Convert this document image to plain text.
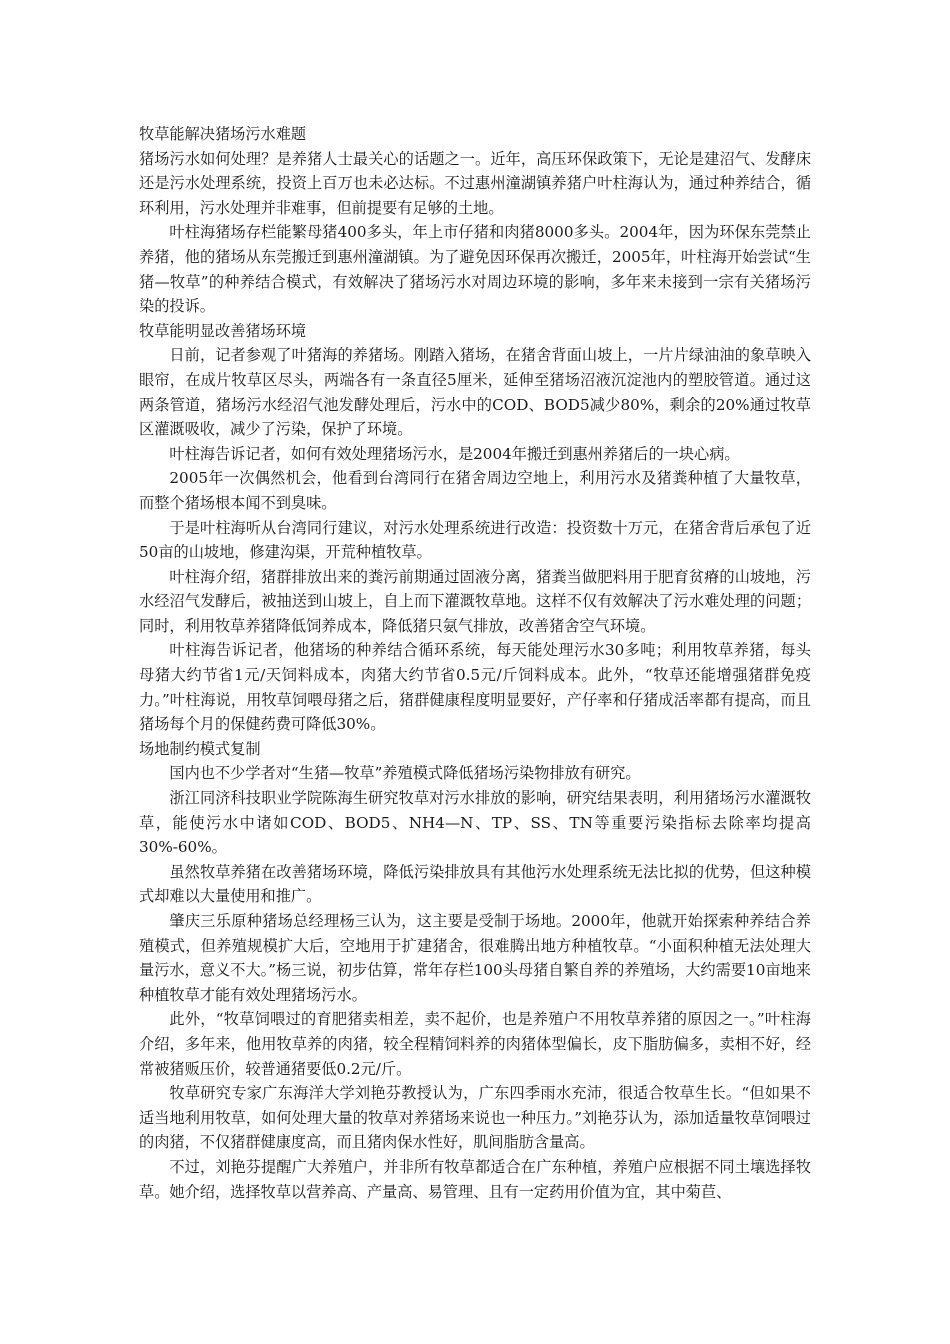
牧草能解决猪场污水难题

猪场污水如何处理？是养猪人士最关心的话题之一。近年，高压环保政策下，无论是建沼气、发酵床还是污水处理系统，投资上百万也未必达标。不过惠州潼湖镇养猪户叶柱海认为，通过种养结合，循环利用，污水处理并非难事，但前提要有足够的土地。

叶柱海猪场存栏能繁母猪400多头，年上市仔猪和肉猪8000多头。2004年，因为环保东莞禁止养猪，他的猪场从东莞搬迁到惠州潼湖镇。为了避免因环保再次搬迁，2005年，叶柱海开始尝试“生猪—牧草”的种养结合模式，有效解决了猪场污水对周边环境的影响，多年来未接到一宗有关猪场污染的投诉。

牧草能明显改善猪场环境

日前，记者参观了叶猪海的养猪场。刚踏入猪场，在猪舍背面山坡上，一片片绿油油的象草映入眼帘，在成片牧草区尽头，两端各有一条直径5厘米，延伸至猪场沼液沉淀池内的塑胶管道。通过这两条管道，猪场污水经沼气池发酵处理后，污水中的COD、BOD5减少80%，剩余的20%通过牧草区灌溉吸收，减少了污染，保护了环境。

叶柱海告诉记者，如何有效处理猪场污水，是2004年搬迁到惠州养猪后的一块心病。

2005年一次偶然机会，他看到台湾同行在猪舍周边空地上，利用污水及猪粪种植了大量牧草，而整个猪场根本闻不到臭味。

于是叶柱海听从台湾同行建议，对污水处理系统进行改造：投资数十万元，在猪舍背后承包了近50亩的山坡地，修建沟渠，开荒种植牧草。

叶柱海介绍，猪群排放出来的粪污前期通过固液分离，猪粪当做肥料用于肥育贫瘠的山坡地，污水经沼气发酵后，被抽送到山坡上，自上而下灌溉牧草地。这样不仅有效解决了污水难处理的问题；同时，利用牧草养猪降低饲养成本，降低猪只氨气排放，改善猪舍空气环境。

叶柱海告诉记者，他猪场的种养结合循环系统，每天能处理污水30多吨；利用牧草养猪，每头母猪大约节省1元/天饲料成本，肉猪大约节省0.5元/斤饲料成本。此外，“牧草还能增强猪群免疫力。”叶柱海说，用牧草饲喂母猪之后，猪群健康程度明显要好，产仔率和仔猪成活率都有提高，而且猪场每个月的保健药费可降低30%。

场地制约模式复制

国内也不少学者对“生猪—牧草”养殖模式降低猪场污染物排放有研究。

浙江同济科技职业学院陈海生研究牧草对污水排放的影响，研究结果表明，利用猪场污水灌溉牧草，能使污水中诸如COD、BOD5、NH4—N、TP、SS、TN等重要污染指标去除率均提高30%-60%。

虽然牧草养猪在改善猪场环境，降低污染排放具有其他污水处理系统无法比拟的优势，但这种模式却难以大量使用和推广。

肇庆三乐原种猪场总经理杨三认为，这主要是受制于场地。2000年，他就开始探索种养结合养殖模式，但养殖规模扩大后，空地用于扩建猪舍，很难腾出地方种植牧草。“小面积种植无法处理大量污水，意义不大。”杨三说，初步估算，常年存栏100头母猪自繁自养的养殖场，大约需要10亩地来种植牧草才能有效处理猪场污水。

此外，“牧草饲喂过的育肥猪卖相差，卖不起价，也是养殖户不用牧草养猪的原因之一。”叶柱海介绍，多年来，他用牧草养的肉猪，较全程精饲料养的肉猪体型偏长，皮下脂肪偏多，卖相不好，经常被猪贩压价，较普通猪要低0.2元/斤。

牧草研究专家广东海洋大学刘艳芬教授认为，广东四季雨水充沛，很适合牧草生长。“但如果不适当地利用牧草，如何处理大量的牧草对养猪场来说也一种压力。”刘艳芬认为，添加适量牧草饲喂过的肉猪，不仅猪群健康度高，而且猪肉保水性好，肌间脂肪含量高。

不过，刘艳芬提醒广大养殖户，并非所有牧草都适合在广东种植，养殖户应根据不同土壤选择牧草。她介绍，选择牧草以营养高、产量高、易管理、且有一定药用价值为宜，其中菊苣、
